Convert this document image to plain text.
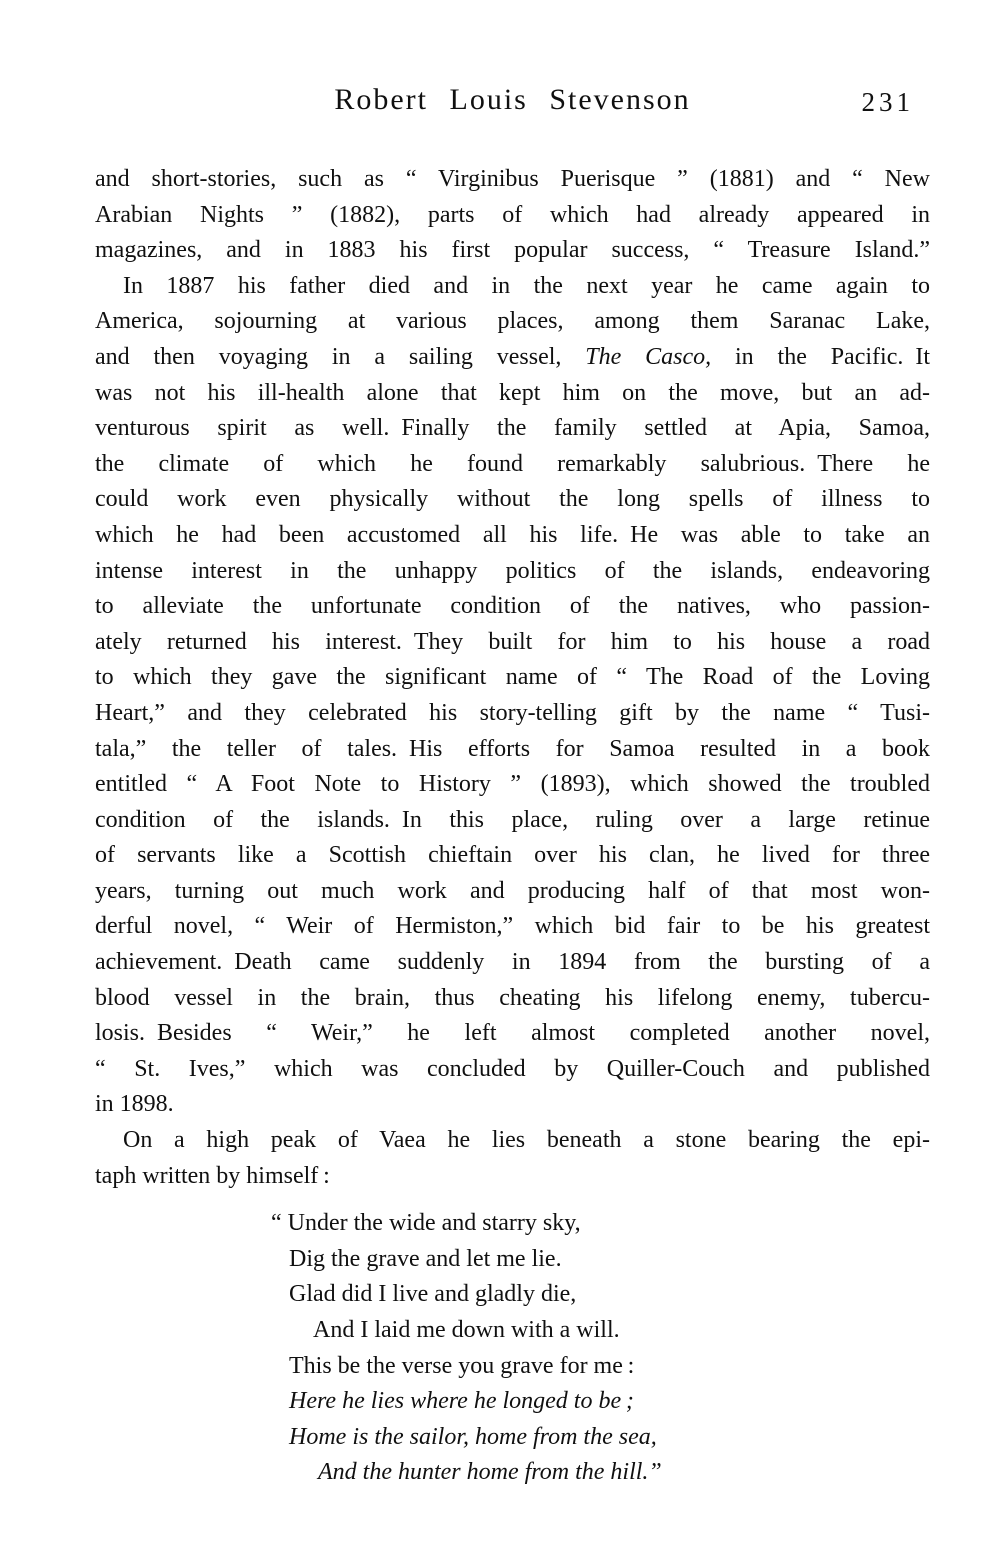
Robert Louis Stevenson	231
and short-stories, such as “ Virginibus Puerisque ” (1881) and “ New
Arabian Nights ” (1882), parts of which had already appeared in
magazines, and in 1883 his first popular success, “ Treasure Island.”
In 1887 his father died and in the next year he came again to
America, sojourning at various places, among them Saranac Lake,
and then voyaging in a sailing vessel, The Casco, in the Pacific. It
was not his ill-health alone that kept him on the move, but an ad-
venturous spirit as well. Finally the family settled at Apia, Samoa,
the climate of which he found remarkably salubrious. There he
could work even physically without the long spells of illness to
which he had been accustomed all his life. He was able to take an
intense interest in the unhappy politics of the islands, endeavoring
to alleviate the unfortunate condition of the natives, who passion-
ately returned his interest. They built for him to his house a road
to which they gave the significant name of “ The Road of the Loving
Heart,” and they celebrated his story-telling gift by the name “ Tusi-
tala,” the teller of tales. His efforts for Samoa resulted in a book
entitled “ A Foot Note to History ” (1893), which showed the troubled
condition of the islands. In this place, ruling over a large retinue
of servants like a Scottish chieftain over his clan, he lived for three
years, turning out much work and producing half of that most won-
derful novel, “ Weir of Hermiston,” which bid fair to be his greatest
achievement. Death came suddenly in 1894 from the bursting of a
blood vessel in the brain, thus cheating his lifelong enemy, tubercu-
losis. Besides “ Weir,” he left almost completed another novel,
“ St. Ives,” which was concluded by Quiller-Couch and published
in 1898.
On a high peak of Vaea he lies beneath a stone bearing the epi-
taph written by himself :
“ Under the wide and starry sky,
Dig the grave and let me lie.
Glad did I live and gladly die,
And I laid me down with a will.
This be the verse you grave for me :
Here he lies where he longed to be ;
Home is the sailor, home from the sea,
And the hunter home from the hill.”
